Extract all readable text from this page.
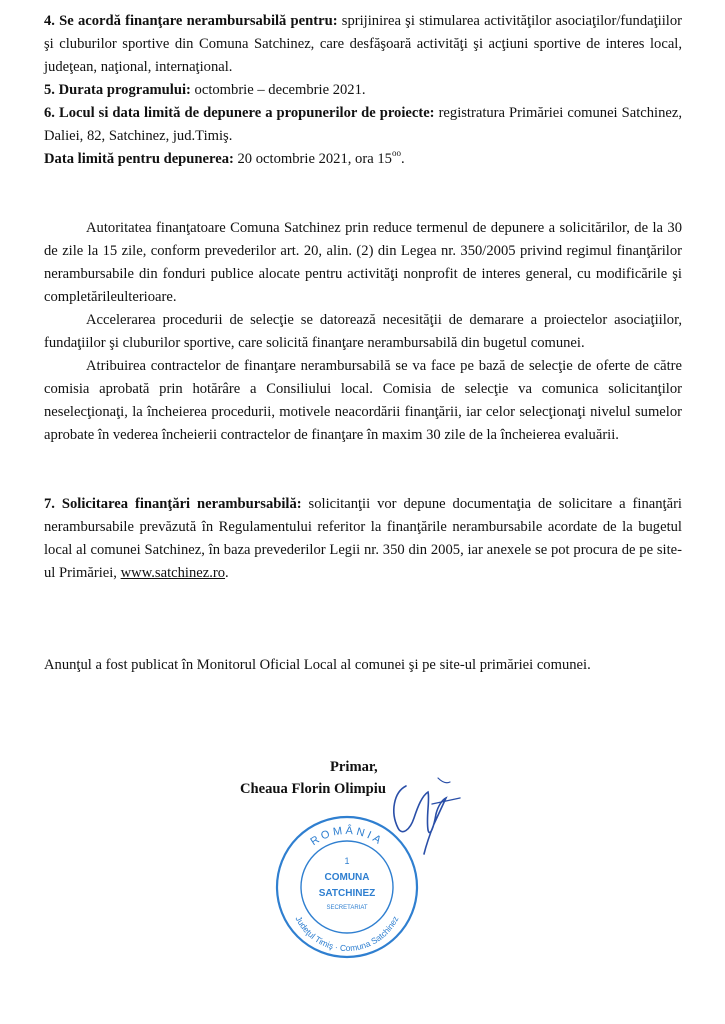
4. Se acordă finanţare nerambursabilă pentru: sprijinirea şi stimularea activităţilor asociaţilor/fundaţiilor şi cluburilor sportive din Comuna Satchinez, care desfăşoară activităţi şi acţiuni sportive de interes local, judeţean, naţional, internaţional.

5. Durata programului: octombrie – decembrie 2021.

6. Locul si data limită de depunere a propunerilor de proiecte: registratura Primăriei comunei Satchinez, Daliei, 82, Satchinez, jud.Timiş.

Data limită pentru depunerea: 20 octombrie 2021, ora $15^{oo}$.

Autoritatea finanţatoare Comuna Satchinez prin reduce termenul de depunere a solicitărilor, de la 30 de zile la 15 zile, conform prevederilor art. 20, alin. (2) din Legea nr. 350/2005 privind regimul finanţărilor nerambursabile din fonduri publice alocate pentru activităţi nonprofit de interes general, cu modificările şi completărileulterioare.

Accelerarea procedurii de selecţie se datorează necesităţii de demarare a proiectelor asociaţiilor, fundaţiilor şi cluburilor sportive, care solicită finanţare nerambursabilă din bugetul comunei.

Atribuirea contractelor de finanţare nerambursabilă se va face pe bază de selecţie de oferte de către comisia aprobată prin hotărâre a Consiliului local. Comisia de selecţie va comunica solicitanţilor neselecţionaţi, la încheierea procedurii, motivele neacordării finanţării, iar celor selecţionaţi nivelul sumelor aprobate în vederea încheierii contractelor de finanţare în maxim 30 zile de la încheierea evaluării.

7. Solicitarea finanţări nerambursabilă: solicitanţii vor depune documentaţia de solicitare a finanţări nerambursabile prevăzută în Regulamentului referitor la finanţările nerambursabile acordate de la bugetul local al comunei Satchinez, în baza prevederilor Legii nr. 350 din 2005, iar anexele se pot procura de pe site-ul Primăriei, www.satchinez.ro.

Anunţul a fost publicat în Monitorul Oficial Local al comunei şi pe site-ul primăriei comunei.

Primar,
Cheaua Florin Olimpiu
ROMÂNIA
Judeţul Timiş · Comuna Satchinez
1
COMUNA
SATCHINEZ
SECRETARIAT
